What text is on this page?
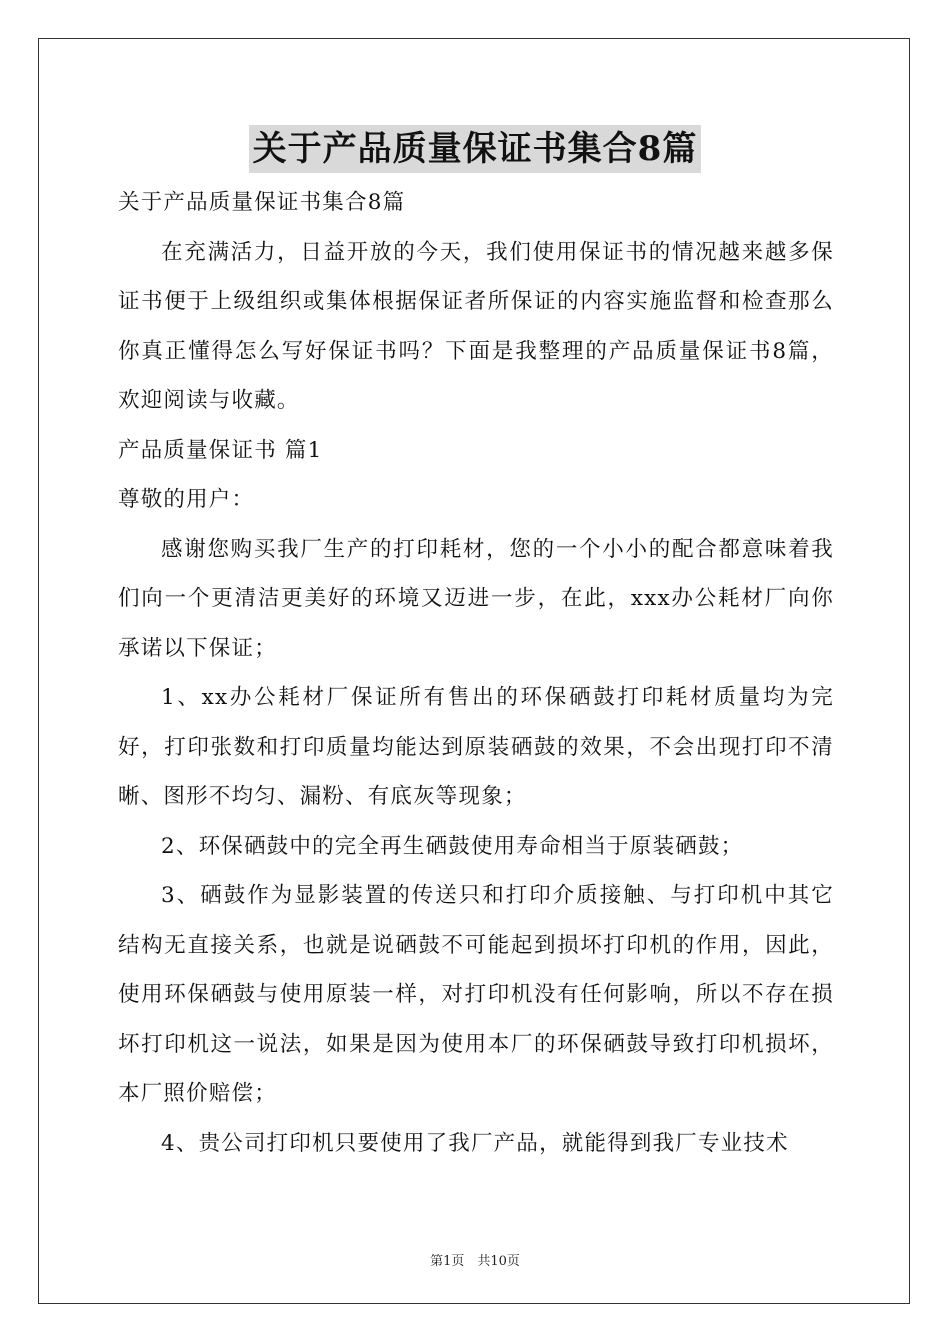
关于产品质量保证书集合8篇

关于产品质量保证书集合8篇

在充满活力，日益开放的今天，我们使用保证书的情况越来越多保证书便于上级组织或集体根据保证者所保证的内容实施监督和检查那么你真正懂得怎么写好保证书吗？下面是我整理的产品质量保证书8篇，欢迎阅读与收藏。

产品质量保证书 篇1

尊敬的用户：

感谢您购买我厂生产的打印耗材，您的一个小小的配合都意味着我们向一个更清洁更美好的环境又迈进一步，在此，xxx办公耗材厂向你承诺以下保证；

1、xx办公耗材厂保证所有售出的环保硒鼓打印耗材质量均为完好，打印张数和打印质量均能达到原装硒鼓的效果，不会出现打印不清晰、图形不均匀、漏粉、有底灰等现象；

2、环保硒鼓中的完全再生硒鼓使用寿命相当于原装硒鼓；

3、硒鼓作为显影装置的传送只和打印介质接触、与打印机中其它结构无直接关系，也就是说硒鼓不可能起到损坏打印机的作用，因此，使用环保硒鼓与使用原装一样，对打印机没有任何影响，所以不存在损坏打印机这一说法，如果是因为使用本厂的环保硒鼓导致打印机损坏，本厂照价赔偿；

4、贵公司打印机只要使用了我厂产品，就能得到我厂专业技术

第1页　共10页
